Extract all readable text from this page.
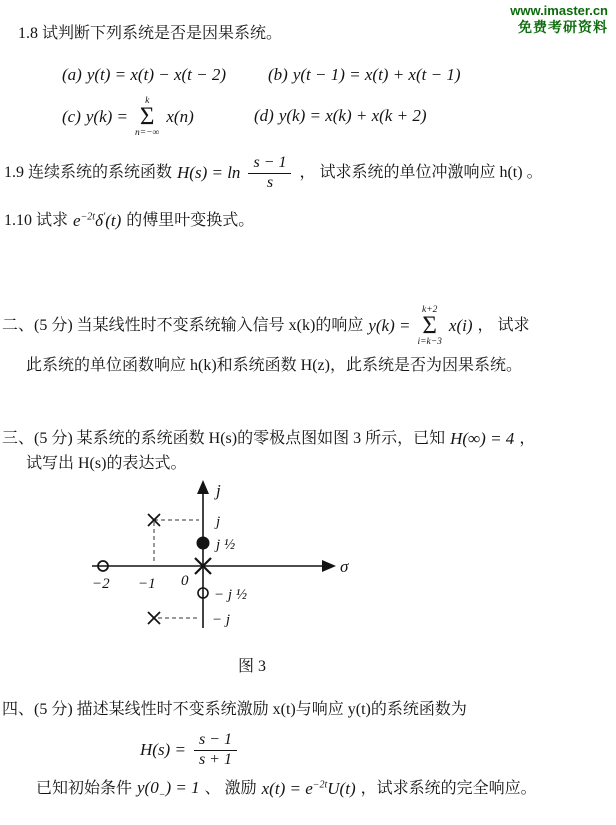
www.imaster.cn
免费考研资料
1.8 试判断下列系统是否是因果系统。
(a) y(t) = x(t) − x(t − 2) (b) y(t − 1) = x(t) + x(t − 1)
(c) y(k) =
k
Σ
n=−∞
x(n)	(d) y(k) = x(k) + x(k + 2)
1.9 连续系统的系统函数 $H(s) = \ln \frac{s - 1}{s}$ ， 试求系统的单位冲激响应 h(t) 。
1.10 试求 $e^{-2t}\delta'(t)$ 的傅里叶变换式。
二、(5 分) 当某线性时不变系统输入信号 x(k)的响应 y(k) =
k+2
Σ
i=k−3
x(i) ， 试求
此系统的单位函数响应 h(k)和系统函数 H(z)，此系统是否为因果系统。
三、(5 分) 某系统的系统函数 H(s)的零极点图如图 3 所示，已知 H(∞) = 4 ，
试写出 H(s)的表达式。
j
σ
j
j ½
0
−1
−2
− j ½
− j
图 3
四、(5 分) 描述某线性时不变系统激励 x(t)与响应 y(t)的系统函数为
$H(s) = \frac{s - 1}{s + 1}$
已知初始条件 $y(0_-) = 1$ 、 激励 $x(t) = e^{-2t}U(t)$ ，试求系统的完全响应。
